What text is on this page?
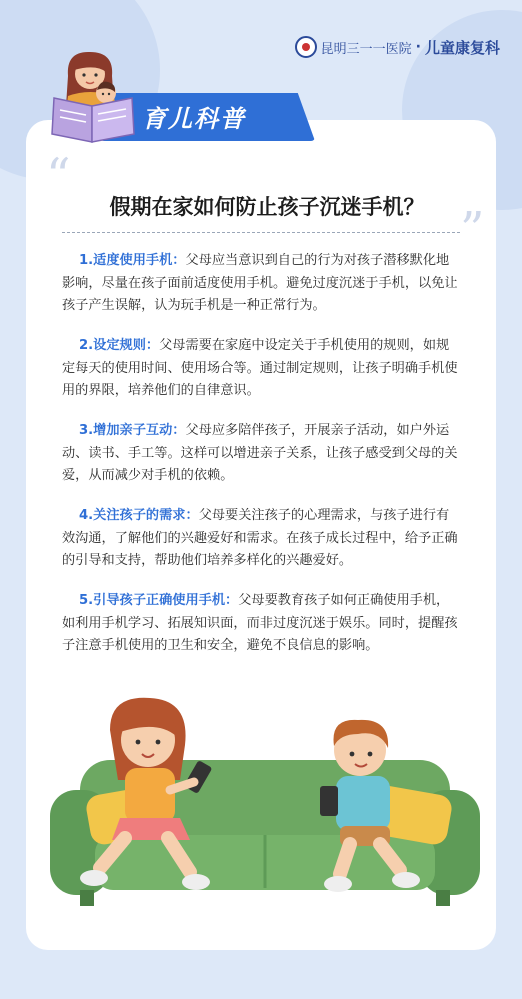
昆明三一一医院 · 儿童康复科
育儿科普
“
”
假期在家如何防止孩子沉迷手机？
1.适度使用手机：父母应当意识到自己的行为对孩子潜移默化地影响，尽量在孩子面前适度使用手机。避免过度沉迷于手机，以免让孩子产生误解，认为玩手机是一种正常行为。
2.设定规则：父母需要在家庭中设定关于手机使用的规则，如规定每天的使用时间、使用场合等。通过制定规则，让孩子明确手机使用的界限，培养他们的自律意识。
3.增加亲子互动：父母应多陪伴孩子，开展亲子活动，如户外运动、读书、手工等。这样可以增进亲子关系，让孩子感受到父母的关爱，从而减少对手机的依赖。
4.关注孩子的需求：父母要关注孩子的心理需求，与孩子进行有效沟通，了解他们的兴趣爱好和需求。在孩子成长过程中，给予正确的引导和支持，帮助他们培养多样化的兴趣爱好。
5.引导孩子正确使用手机：父母要教育孩子如何正确使用手机，如利用手机学习、拓展知识面，而非过度沉迷于娱乐。同时，提醒孩子注意手机使用的卫生和安全，避免不良信息的影响。
